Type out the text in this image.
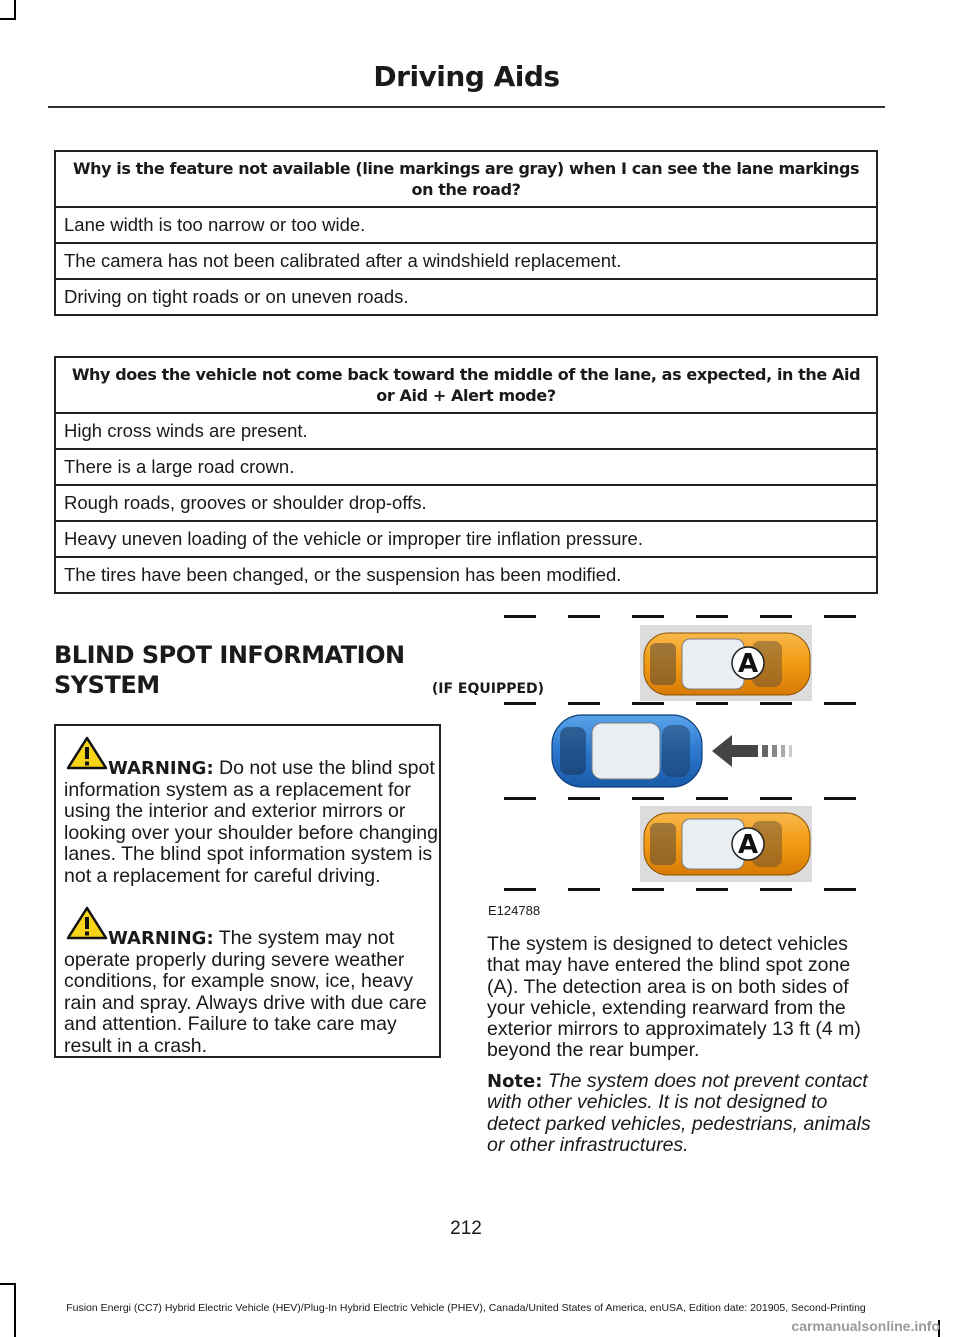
Driving Aids
Why is the feature not available (line markings are gray) when I can see the lane markings on the road?
Lane width is too narrow or too wide.
The camera has not been calibrated after a windshield replacement.
Driving on tight roads or on uneven roads.
Why does the vehicle not come back toward the middle of the lane, as expected, in the Aid or Aid + Alert mode?
High cross winds are present.
There is a large road crown.
Rough roads, grooves or shoulder drop-offs.
Heavy uneven loading of the vehicle or improper tire inflation pressure.
The tires have been changed, or the suspension has been modified.
BLIND SPOT INFORMATION SYSTEM	(IF EQUIPPED)
WARNING: Do not use the blind spot information system as a replacement for using the interior and exterior mirrors or looking over your shoulder before changing lanes. The blind spot information system is not a replacement for careful driving.
WARNING: The system may not operate properly during severe weather conditions, for example snow, ice, heavy rain and spray. Always drive with due care and attention. Failure to take care may result in a crash.
A
A
E124788
The system is designed to detect vehicles that may have entered the blind spot zone (A). The detection area is on both sides of your vehicle, extending rearward from the exterior mirrors to approximately 13 ft (4 m) beyond the rear bumper.
Note: The system does not prevent contact with other vehicles. It is not designed to detect parked vehicles, pedestrians, animals or other infrastructures.
212
Fusion Energi (CC7) Hybrid Electric Vehicle (HEV)/Plug-In Hybrid Electric Vehicle (PHEV), Canada/United States of America, enUSA, Edition date: 201905, Second-Printing
carmanualsonline.info
